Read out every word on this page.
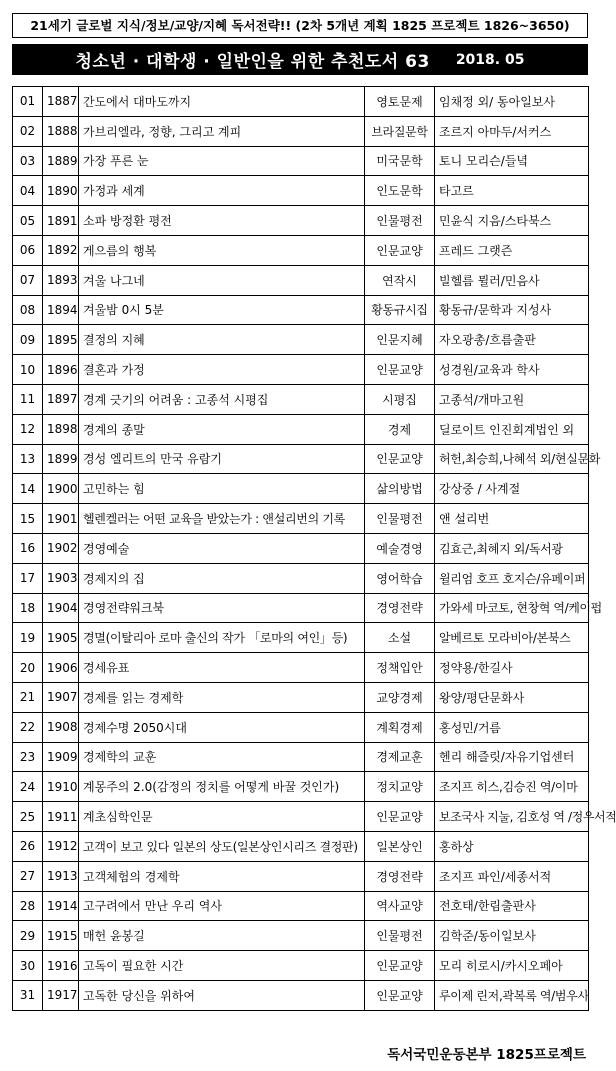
21세기 글로벌 지식/정보/교양/지혜 독서전략!! (2차 5개년 계획 1825 프로젝트 1826~3650)
청소년 · 대학생 · 일반인을 위한 추천도서 63 2018. 05
01	1887	간도에서 대마도까지	영토문제	임채정 외/ 동아일보사
02	1888	가브리엘라, 정향, 그리고 계피	브라질문학	조르지 아마두/서커스
03	1889	가장 푸른 눈	미국문학	토니 모리슨/들녘
04	1890	가정과 세계	인도문학	타고르
05	1891	소파 방정환 평전	인물평전	민윤식 지음/스타북스
06	1892	게으름의 행복	인문교양	프레드 그랫즌
07	1893	겨울 나그네	연작시	빌헬름 뮐러/민음사
08	1894	겨울밤 0시 5분	황동규시집	황동규/문학과 지성사
09	1895	결정의 지혜	인문지혜	자오광총/흐름출판
10	1896	결혼과 가정	인문교양	성경원/교육과 학사
11	1897	경계 긋기의 어려움 : 고종석 시평집	시평집	고종석/개마고원
12	1898	경계의 종말	경제	딜로이트 인진회계법인 외
13	1899	경성 엘리트의 만국 유람기	인문교양	허헌,최승희,나혜석 외/현실문화
14	1900	고민하는 힘	삶의방법	강상중 / 사계절
15	1901	헬렌켈러는 어떤 교육을 받았는가 : 앤설리번의 기록	인물평전	앤 설리번
16	1902	경영예술	예술경영	김효근,최혜지 외/독서광
17	1903	경제지의 집	영어학습	윌리엄 호프 호지슨/유페이퍼
18	1904	경영전략워크북	경영전략	가와세 마코토, 현창혁 역/케이펍
19	1905	경멸(이탈리아 로마 출신의 작가 「로마의 여인」등)	소설	알베르토 모라비아/본북스
20	1906	경세유표	정책입안	정약용/한길사
21	1907	경제를 읽는 경제학	교양경제	왕양/평단문화사
22	1908	경제수명 2050시대	계획경제	홍성민/거름
23	1909	경제학의 교훈	경제교훈	헨리 해즐릿/자유기업센터
24	1910	계몽주의 2.0(감정의 정치를 어떻게 바꿀 것인가)	정치교양	조지프 히스,김승진 역/이마
25	1911	계초심학인문	인문교양	보조국사 지눌, 김호성 역 /정우서적
26	1912	고객이 보고 있다 일본의 상도(일본상인시리즈 결정판)	일본상인	홍하상
27	1913	고객체험의 경제학	경영전략	조지프 파인/세종서적
28	1914	고구려에서 만난 우리 역사	역사교양	전호태/한림출판사
29	1915	매헌 윤봉길	인물평전	김학준/동이일보사
30	1916	고독이 필요한 시간	인문교양	모리 히로시/카시오페아
31	1917	고독한 당신을 위하여	인문교양	루이제 린저,곽복록 역/범우사
독서국민운동본부 1825프로젝트
